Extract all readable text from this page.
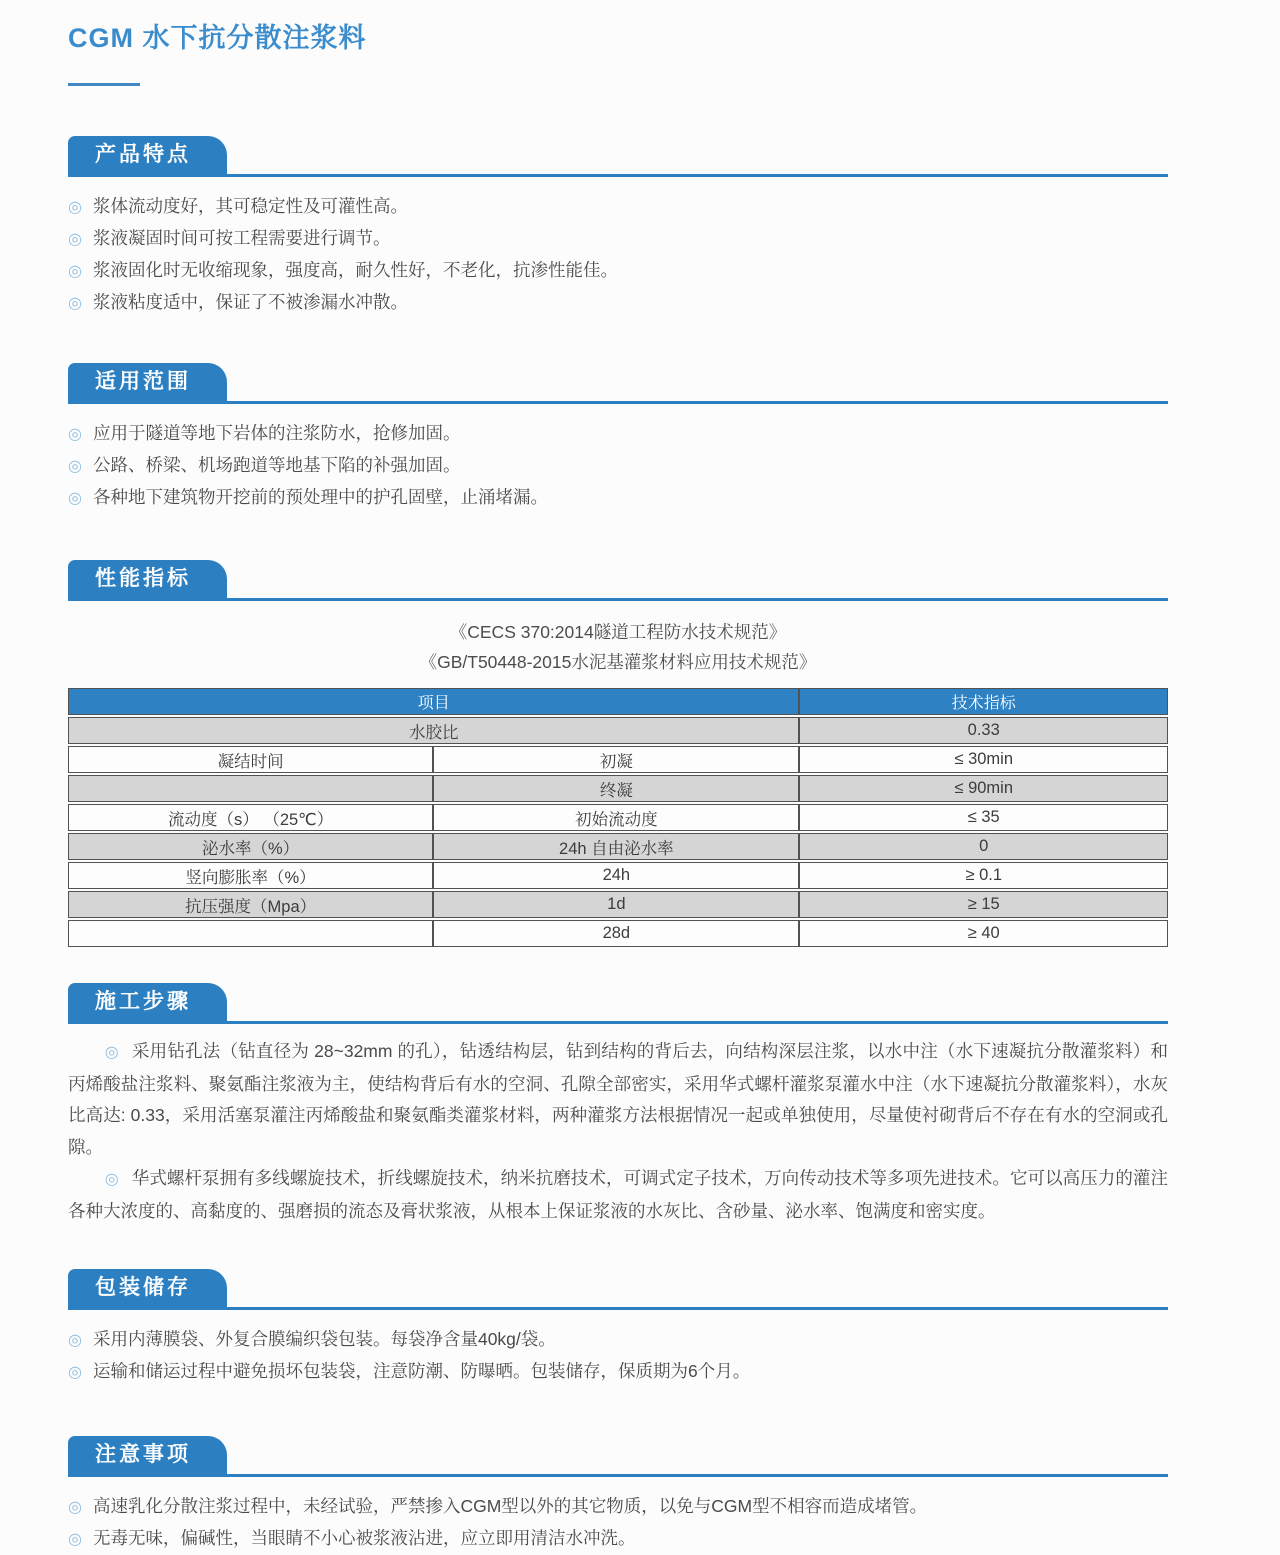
CGM 水下抗分散注浆料
产品特点
◎ 浆体流动度好，其可稳定性及可灌性高。
◎ 浆液凝固时间可按工程需要进行调节。
◎ 浆液固化时无收缩现象，强度高，耐久性好，不老化，抗渗性能佳。
◎ 浆液粘度适中，保证了不被渗漏水冲散。
适用范围
◎ 应用于隧道等地下岩体的注浆防水，抢修加固。
◎ 公路、桥梁、机场跑道等地基下陷的补强加固。
◎ 各种地下建筑物开挖前的预处理中的护孔固壁，止涌堵漏。
性能指标

《CECS 370:2014隧道工程防水技术规范》

《GB/T50448-2015水泥基灌浆材料应用技术规范》

项目		技术指标
水胶比		0.33
凝结时间	初凝	≤ 30min
	终凝	≤ 90min
流动度（s） （25℃）	初始流动度	≤ 35
泌水率（%）	24h 自由泌水率	0
竖向膨胀率（%）	24h	≥ 0.1
抗压强度（Mpa）	1d	≥ 15
	28d	≥ 40
施工步骤

◎ 采用钻孔法（钻直径为 28~32mm 的孔），钻透结构层，钻到结构的背后去，向结构深层注浆，以水中注（水下速凝抗分散灌浆料）和丙烯酸盐注浆料、聚氨酯注浆液为主，使结构背后有水的空洞、孔隙全部密实，采用华式螺杆灌浆泵灌水中注（水下速凝抗分散灌浆料），水灰比高达: 0.33，采用活塞泵灌注丙烯酸盐和聚氨酯类灌浆材料，两种灌浆方法根据情况一起或单独使用，尽量使衬砌背后不存在有水的空洞或孔隙。

◎ 华式螺杆泵拥有多线螺旋技术，折线螺旋技术，纳米抗磨技术，可调式定子技术，万向传动技术等多项先进技术。它可以高压力的灌注各种大浓度的、高黏度的、强磨损的流态及膏状浆液，从根本上保证浆液的水灰比、含砂量、泌水率、饱满度和密实度。

包装储存
◎ 采用内薄膜袋、外复合膜编织袋包装。每袋净含量40kg/袋。
◎ 运输和储运过程中避免损坏包装袋，注意防潮、防曝晒。包装储存，保质期为6个月。
注意事项
◎ 高速乳化分散注浆过程中，未经试验，严禁掺入CGM型以外的其它物质，以免与CGM型不相容而造成堵管。
◎ 无毒无味，偏碱性，当眼睛不小心被浆液沾进，应立即用清洁水冲洗。
